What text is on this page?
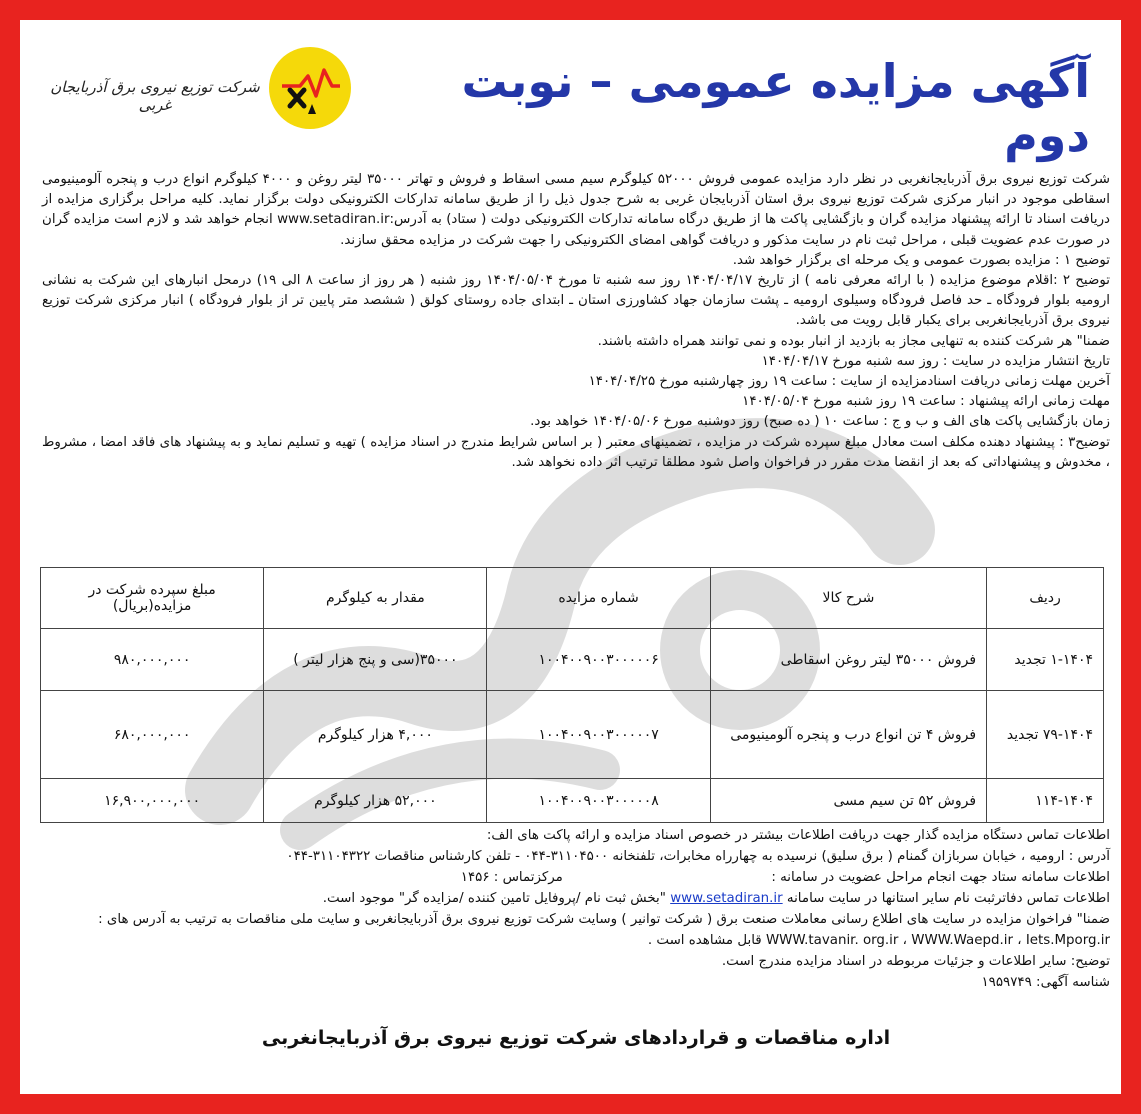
شرکت توزیع نیروی برق آذربایجان غربی	آگهی مزایده عمومی – نوبت دوم

شرکت توزیع نیروی برق آذربایجانغربی در نظر دارد مزایده عمومی فروش ۵۲۰۰۰ کیلوگرم سیم مسی اسقاط و فروش و تهاتر ۳۵۰۰۰ لیتر روغن و ۴۰۰۰ کیلوگرم انواع درب و پنجره آلومینیومی اسقاطی موجود در انبار مرکزی شرکت توزیع نیروی برق استان آذربایجان غربی به شرح جدول ذیل را از طریق سامانه تدارکات الکترونیکی دولت برگزار نماید. کلیه مراحل برگزاری مزایده از دریافت اسناد تا ارائه پیشنهاد مزایده گران و بازگشایی پاکت ها از طریق درگاه سامانه تدارکات الکترونیکی دولت ( ستاد) به آدرس:www.setadiran.ir انجام خواهد شد و لازم است مزایده گران در صورت عدم عضویت قبلی ، مراحل ثبت نام در سایت مذکور و دریافت گواهی امضای الکترونیکی را جهت شرکت در مزایده محقق سازند.

توضیح ۱ : مزایده بصورت عمومی و یک مرحله ای برگزار خواهد شد.

توضیح ۲ :اقلام موضوع مزایده ( با ارائه معرفی نامه ) از تاریخ ۱۴۰۴/۰۴/۱۷ روز سه شنبه تا مورخ ۱۴۰۴/۰۵/۰۴ روز شنبه ( هر روز از ساعت ۸ الی ۱۹) درمحل انبارهای این شرکت به نشانی ارومیه بلوار فرودگاه ـ حد فاصل فرودگاه وسیلوی ارومیه ـ پشت سازمان جهاد کشاورزی استان ـ ابتدای جاده روستای کولق ( ششصد متر پایین تر از بلوار فرودگاه ) انبار مرکزی شرکت توزیع نیروی برق آذربایجانغربی برای یکبار قابل رویت می باشد.

ضمنا" هر شرکت کننده به تنهایی مجاز به بازدید از انبار بوده و نمی توانند همراه داشته باشند.

تاریخ انتشار مزایده در سایت : روز سه شنبه مورخ ۱۴۰۴/۰۴/۱۷

آخرین مهلت زمانی دریافت اسنادمزایده از سایت : ساعت ۱۹ روز چهارشنبه مورخ ۱۴۰۴/۰۴/۲۵

مهلت زمانی ارائه پیشنهاد : ساعت ۱۹ روز شنبه مورخ ۱۴۰۴/۰۵/۰۴

زمان بازگشایی پاکت های الف و ب و ج : ساعت ۱۰ ( ده صبح) روز دوشنبه مورخ ۱۴۰۴/۰۵/۰۶ خواهد بود.

توضیح۳ : پیشنهاد دهنده مکلف است معادل مبلغ سپرده شرکت در مزایده ، تضمینهای معتبر ( بر اساس شرایط مندرج در اسناد مزایده ) تهیه و تسلیم نماید و به پیشنهاد های فاقد امضا ، مشروط ، مخدوش و پیشنهاداتی که بعد از انقضا مدت مقرر در فراخوان واصل شود مطلقا ترتیب اثر داده نخواهد شد.

ردیف	شرح کالا	شماره مزایده	مقدار به کیلوگرم	مبلغ سپرده شرکت در مزایده(بریال)
۱-۱۴۰۴ تجدید	فروش ۳۵۰۰۰ لیتر روغن اسقاطی	۱۰۰۴۰۰۹۰۰۳۰۰۰۰۰۶	۳۵۰۰۰(سی و پنج هزار لیتر )	۹۸۰,۰۰۰,۰۰۰
۷۹-۱۴۰۴ تجدید	فروش ۴ تن انواع درب و پنجره آلومینیومی	۱۰۰۴۰۰۹۰۰۳۰۰۰۰۰۷	۴,۰۰۰ هزار کیلوگرم	۶۸۰,۰۰۰,۰۰۰
۱۱۴-۱۴۰۴	فروش ۵۲ تن سیم مسی	۱۰۰۴۰۰۹۰۰۳۰۰۰۰۰۸	۵۲,۰۰۰ هزار کیلوگرم	۱۶,۹۰۰,۰۰۰,۰۰۰

اطلاعات تماس دستگاه مزایده گذار جهت دریافت اطلاعات بیشتر در خصوص اسناد مزایده و ارائه پاکت های الف:

آدرس : ارومیه ، خیابان سربازان گمنام ( برق سلیق) نرسیده به چهارراه مخابرات، تلفنخانه ۳۱۱۰۴۵۰۰-۰۴۴ - تلفن کارشناس مناقصات ۳۱۱۰۴۳۲۲-۰۴۴

اطلاعات سامانه ستاد جهت انجام مراحل عضویت در سامانه :  مرکزتماس : ۱۴۵۶

اطلاعات تماس دفاترثبت نام سایر استانها در سایت سامانه www.setadiran.ir "بخش ثبت نام /پروفایل تامین کننده /مزایده گر" موجود است.

ضمنا" فراخوان مزایده در سایت های اطلاع رسانی معاملات صنعت برق ( شرکت توانیر ) وسایت شرکت توزیع نیروی برق آذربایجانغربی و سایت ملی مناقصات به ترتیب به آدرس های :

WWW.tavanir. org.ir ، WWW.Waepd.ir ، Iets.Mporg.ir قابل مشاهده است .

توضیح: سایر اطلاعات و جزئیات مربوطه در اسناد مزایده مندرج است.

شناسه آگهی: ۱۹۵۹۷۴۹

اداره مناقصات و قراردادهای شرکت توزیع نیروی برق آذربایجانغربی
